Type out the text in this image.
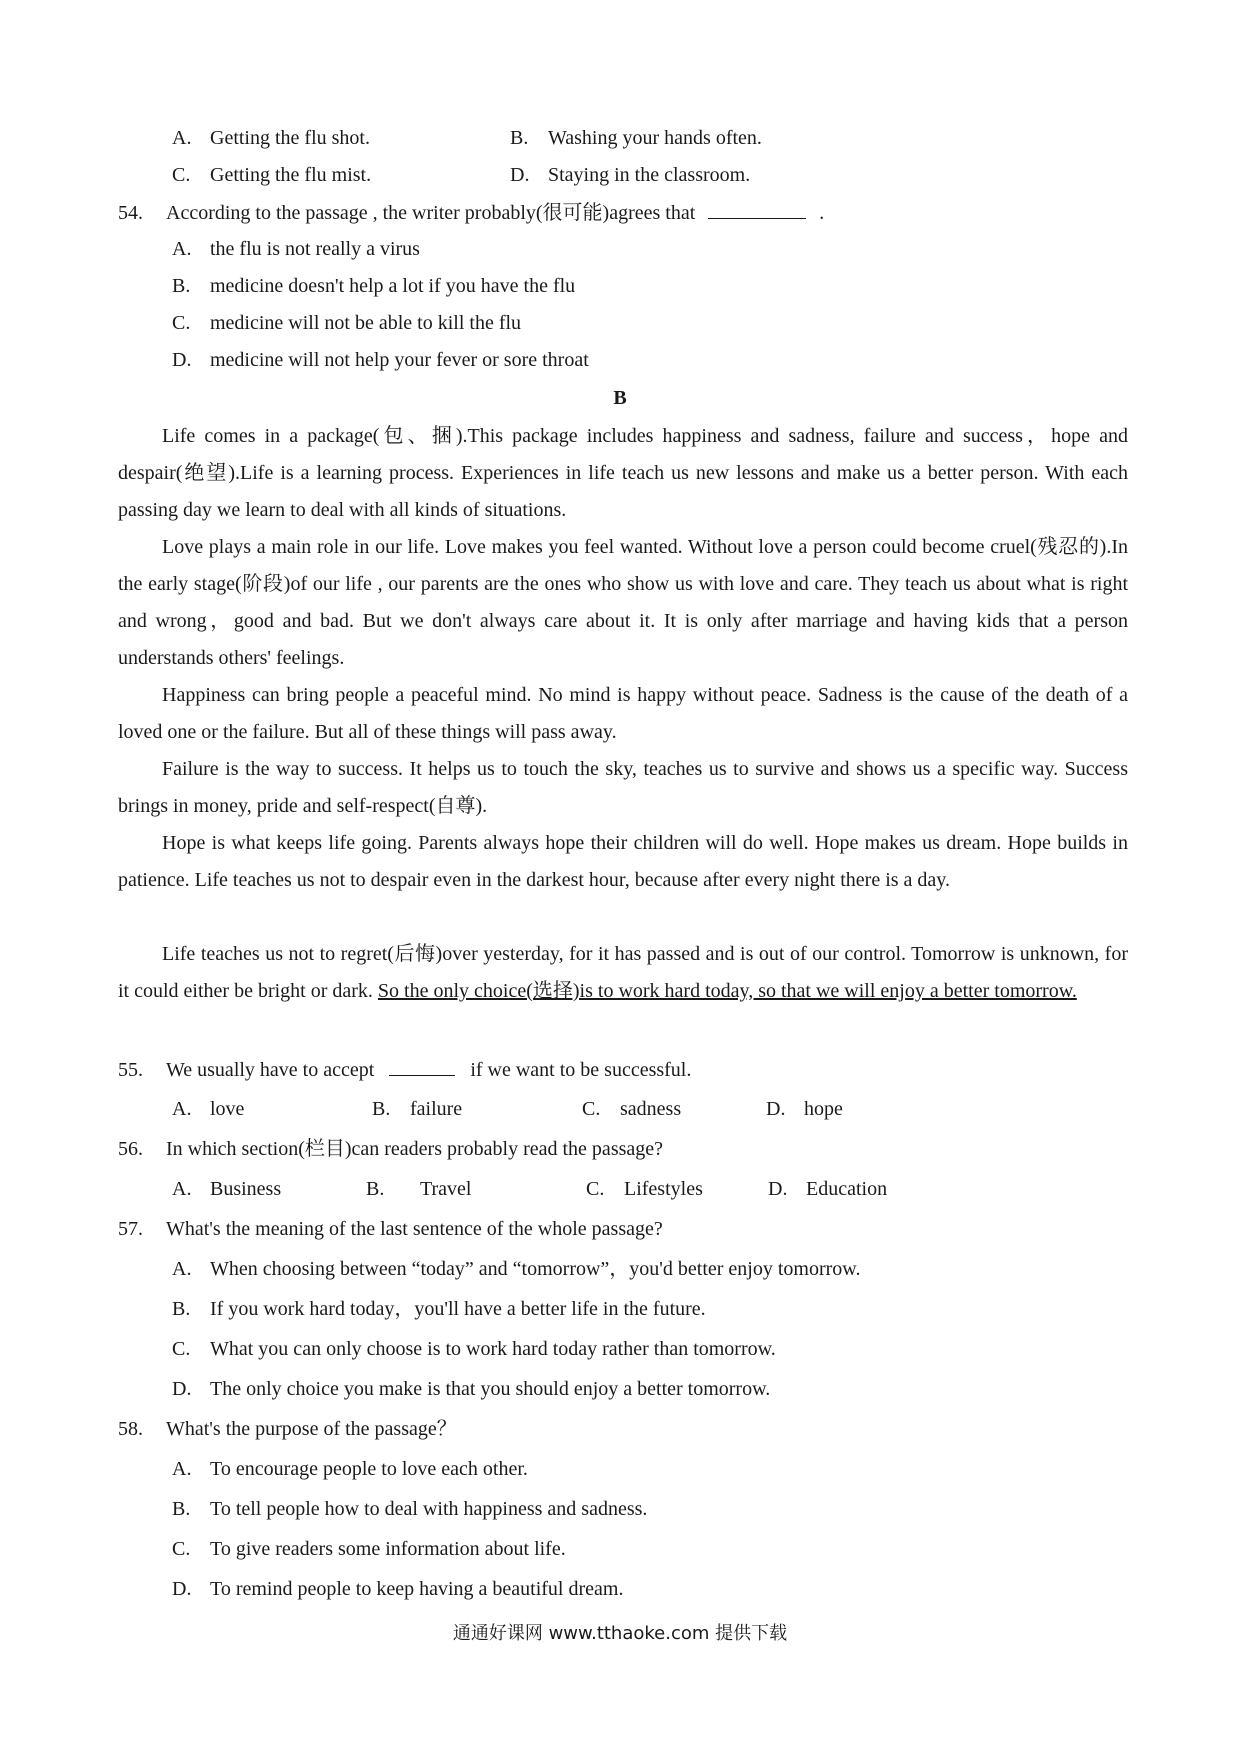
A. Getting the flu shot.	B. Washing your hands often.
C. Getting the flu mist.	D. Staying in the classroom.
54. According to the passage , the writer probably(很可能)agrees that	.
A. the flu is not really a virus
B. medicine doesn't help a lot if you have the flu
C. medicine will not be able to kill the flu
D. medicine will not help your fever or sore throat
B
Life comes in a package(包、捆).This package includes happiness and sadness, failure and success，hope and despair(绝望).Life is a learning process. Experiences in life teach us new lessons and make us a better person. With each passing day we learn to deal with all kinds of situations.
Love plays a main role in our life. Love makes you feel wanted. Without love a person could become cruel(残忍的).In the early stage(阶段)of our life , our parents are the ones who show us with love and care. They teach us about what is right and wrong，good and bad. But we don't always care about it. It is only after marriage and having kids that a person understands others' feelings.
Happiness can bring people a peaceful mind. No mind is happy without peace. Sadness is the cause of the death of a loved one or the failure. But all of these things will pass away.
Failure is the way to success. It helps us to touch the sky, teaches us to survive and shows us a specific way. Success brings in money, pride and self-respect(自尊).
Hope is what keeps life going. Parents always hope their children will do well. Hope makes us dream. Hope builds in patience. Life teaches us not to despair even in the darkest hour, because after every night there is a day.
Life teaches us not to regret(后悔)over yesterday, for it has passed and is out of our control. Tomorrow is unknown, for it could either be bright or dark. So the only choice(选择)is to work hard today, so that we will enjoy a better tomorrow.
55. We usually have to accept	if we want to be successful.
A. love	B. failure	C. sadness	D. hope
56. In which section(栏目)can readers probably read the passage?
A. Business	B. Travel	C. Lifestyles	D. Education
57. What's the meaning of the last sentence of the whole passage?
A. When choosing between “today” and “tomorrow”，you'd better enjoy tomorrow.
B. If you work hard today，you'll have a better life in the future.
C. What you can only choose is to work hard today rather than tomorrow.
D. The only choice you make is that you should enjoy a better tomorrow.
58. What's the purpose of the passage？
A. To encourage people to love each other.
B. To tell people how to deal with happiness and sadness.
C. To give readers some information about life.
D. To remind people to keep having a beautiful dream.
通通好课网 www.tthaoke.com 提供下载
